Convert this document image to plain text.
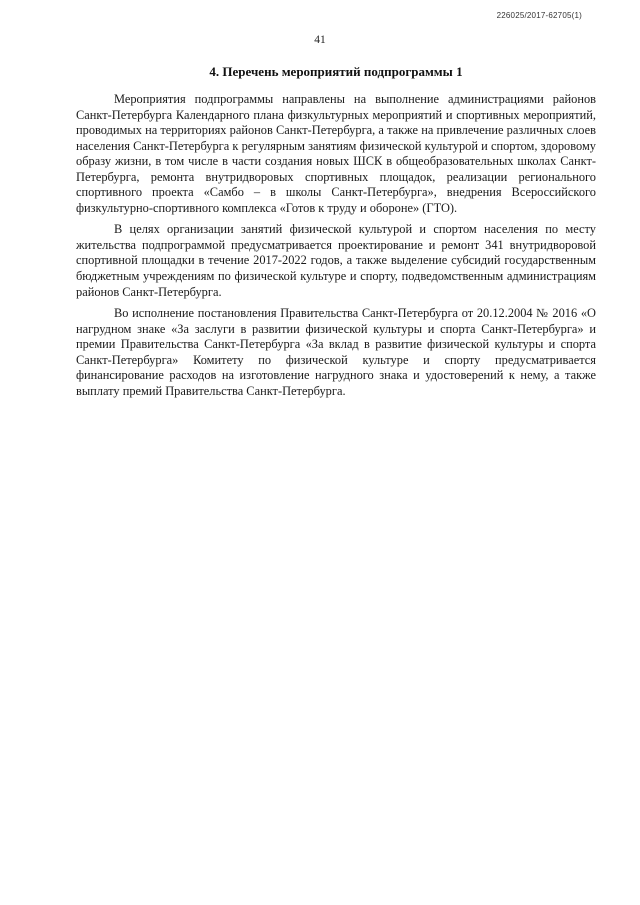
226025/2017-62705(1)
41
4. Перечень мероприятий подпрограммы 1

Мероприятия подпрограммы направлены на выполнение администрациями районов Санкт-Петербурга Календарного плана физкультурных мероприятий и спортивных мероприятий, проводимых на территориях районов Санкт-Петербурга, а также на привлечение различных слоев населения Санкт-Петербурга к регулярным занятиям физической культурой и спортом, здоровому образу жизни, в том числе в части создания новых ШСК в общеобразовательных школах Санкт-Петербурга, ремонта внутридворовых спортивных площадок, реализации регионального спортивного проекта «Самбо – в школы Санкт-Петербурга», внедрения Всероссийского физкультурно-спортивного комплекса «Готов к труду и обороне» (ГТО).

В целях организации занятий физической культурой и спортом населения по месту жительства подпрограммой предусматривается проектирование и ремонт 341 внутридворовой спортивной площадки в течение 2017-2022 годов, а также выделение субсидий государственным бюджетным учреждениям по физической культуре и спорту, подведомственным администрациям районов Санкт-Петербурга.

Во исполнение постановления Правительства Санкт-Петербурга от 20.12.2004 № 2016 «О нагрудном знаке «За заслуги в развитии физической культуры и спорта Санкт-Петербурга» и премии Правительства Санкт-Петербурга «За вклад в развитие физической культуры и спорта Санкт-Петербурга» Комитету по физической культуре и спорту предусматривается финансирование расходов на изготовление нагрудного знака и удостоверений к нему, а также выплату премий Правительства Санкт-Петербурга.
